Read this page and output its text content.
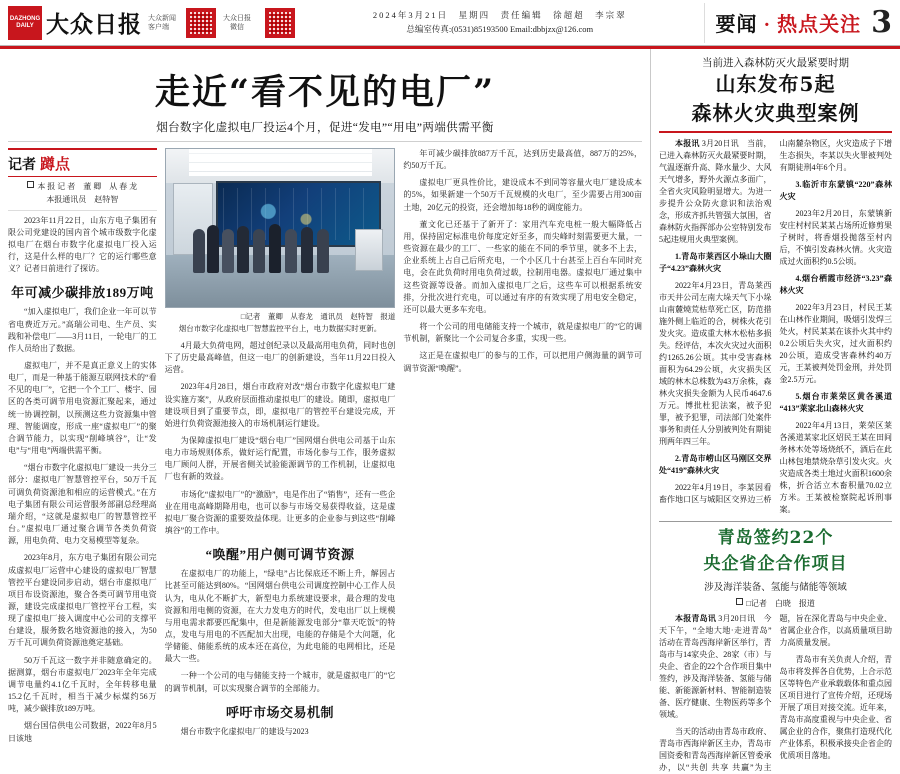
DAZHONG
DAILY 大众日报 大众新闻
客户端
大众日报
微信
2024年3月21日　星期四　责任编辑　徐超超　李宗翠
总编室传真:(0531)85193500 Email:dbbjzx@126.com	要闻 · 热点关注 3
走近“看不见的电厂”
烟台数字化虚拟电厂投运4个月，促进“发电”“用电”两端供需平衡
记者 蹲点
本 报 记 者　董 卿　从 春 龙
本报通讯员　赵特智

2023年11月22日，山东方电子集团有限公司党建设的国内首个城市级数字化虚拟电厂在烟台市数字化虚拟电厂投入运行，这是什么样的电厂？它的运行哪些意义？记者日前进行了探访。

年可减少碳排放189万吨

“加入虚拟电厂，我们企业一年可以节省电费近万元。”高瑞公司电、生产员、实践和补偿电厂——3月11日，一轮电厂的工作人员给出了数据。

虚拟电厂，并不是真正意义上的实体电厂，而是一种基于能源互联网技术的“看不见的电厂”，它把一个个工厂、楼宇、园区的各类可调节用电资源汇聚起来，通过统一协调控制，以预测这些力资源集中管理、智能调度，形成一座“虚拟电厂”的聚合调节能力，以实现“削峰填谷”，让“发电”与“用电”两端供需平衡。

“烟台市数字化虚拟电厂建设一共分三部分：虚拟电厂智慧管控平台，50万千瓦可调负荷资源池和相应的运营模式。”在方电子集团有限公司运营服务部副总经理高瑞介绍，“这就是虚拟电厂的智慧管控平台。”虚拟电厂通过聚合调节各类负荷资源，用电负荷、电力交易模型等复杂。

2023年8月，东方电子集团有限公司完成虚拟电厂运营中心建设的虚拟电厂智慧管控平台建设同步启动，烟台市虚拟电厂项目布设资源池，聚合各类可调节用电资源，建设完成虚拟电厂管控平台工程，实现了虚拟电厂接入调度中心公司的支撑平台建设，服务数名地资源池的接入，为50万千瓦可调负荷资源池奠定基础。

50万千瓦这一数字并非随意确定的。据测算，烟台市虚拟电厂2023年全年完成调节电量约4.1亿千瓦时，全年转移电量15.2亿千瓦时，相当于减少标煤约56万吨，减少碳排放189万吨。

烟台国信供电公司数据，2022年8月5日该地

□记者　董卿　从春龙　通讯员　赵特智　报道
烟台市数字化虚拟电厂智慧监控平台上，电力数据实时更新。

4月最大负荷电网，超过创纪录以及最高用电负荷，同时也创下了历史最高峰值，但这一电厂的创新建设，当年11月22日投入运营。

2023年4月28日，烟台市政府对改“烟台市数字化虚拟电厂建设实施方案”，从政府层面推动虚拟电厂的建设。随即，虚拟电厂建设项目到了重要节点，即，虚拟电厂的管控平台建设完成，开始进行负荷资源池接入的市场机制运行建设。

为保障虚拟电厂建设“烟台电厂”国网烟台供电公司基于山东电力市场规则体系，做好运行配置，市场化参与工作，服务虚拟电厂顾问人群，开展省侧关试验能源调节的工作机制，让虚拟电厂也有新的效益。

市场化“虚拟电厂”的“激励”，电是作出了“销售”，还有一些企业在用电高峰期降用电，也可以参与市场交易获得收益，这是虚拟电厂聚合资源的重要效益体现。让更多的企业参与到这些“削峰填谷”的工作中。

“唤醒”用户侧可调节资源

在虚拟电厂的功能上，“绿电”占比保底还不断上升，解因占比甚至可能达到80%。“国网烟台供电公司调度控制中心工作人员认为，电从化不断扩大，新型电力系统建设要求，最合理的发电资源和用电侧的资源，在大力发电方的时代，发电出厂以上规模与用电需求都要匹配集中，但是新能源发电部分“靠天吃饭”的特点，发电与用电的不匹配加大出现，电能的存储是个大问题，化学储能、储能系统的成本还在高位，为此电能的电网相比，还是最大一些。

一种一个公司的电与储能支持一个城市，就是虚拟电厂的“它的调节机制，可以实现聚合调节的全部能力。

呼吁市场交易机制

烟台市数字化虚拟电厂的建设与2023

年可减少碳排放887万千瓦，达到历史最高值，887万的25%，约50万千瓦。

虚拟电厂更具性价比，建设成本不到同等容量火电厂建设成本的5%，如果新建一个50万千瓦规模的火电厂，至少需要占用300亩土地，20亿元的投资，还会增加每18秒的调度能力。

董文化已还基于了新开了：家用汽车充电桩一般大幅降低占用，保持固定标准电价每度定好至多，而尖峰时刻需要更大量，一些资源在最少的工厂、一些家的能在不同的季节里，就多不上去，企业系统上占自己后所充电，一个小区几十台甚至上百台车同时充电，会在此负荷时用电负荷过载，拉制用电器。虚拟电厂通过集中这些资源等设备。而加入虚拟电厂之后，这些车可以根据系统安排，分批次进行充电，可以通过有序的有效实现了用电安全稳定，还可以最大更多车充电。

将一个公司的用电储能支持一个城市，就是虚拟电厂的“它的调节机制，新聚比一个公司复合多重，实现一些。

这正是在虚拟电厂的参与的工作，可以把用户侧海量的调节可调节资源“唤醒”。

当前进入森林防灭火最紧要时期
山东发布5起
森林火灾典型案例

本报讯 3月20日讯　当前，已进入森林防灭火最紧要时期，气温逐渐升高、降水量少、大风天气增多，野外火源点多面广，全省火灾风险明显增大。为进一步提升公众防火意识和法治观念，形成齐抓共管强大氛围，省森林防火指挥部办公室特别发布5起违规用火典型案例。

1.青岛市莱西区小垛山大圈子“4.23”森林火灾

2022年4月23日，青岛莱西市天井公司左南大垛天气下小垛山南麓燒荒枯草死亡区，防范措施外侧上临近的合，树株火花引发火灾。造成重大林木松枯多损失。经评估，本次火灾过火面积约1265.26公顷。其中受害森林面积为64.29公顷，火灾损失区域的林木总株数为43万余株，森林火灾损失金额为人民币4647.6万元。博批杜犯法案，被予犯罪，被予犯罪，司法部门处案件事务和责任人分别被判处有期徒刑两年四三年。

2.青岛市崂山区马刚区交界处“419”森林火灾

2022年4月19日，李某因看畜作地口区与城阳区交界边三桥山南麓杂物区，火灾造成子下增生态损失，李某以失火罪被判处有期徒刑4年6个月。

3.临沂市东蒙镇“220”森林火灾

2023年2月20日，东蒙镇新安庄村村民某某占场所近修剪果子树时，将香烟投拋落至村内后，不慎引发森林火情。火灾造成过火面积约0.5公顷。

4.烟台栖霞市经济“3.23”森林火灾

2022年3月23日，村民王某在山林作业期间，吸烟引发焊三处火，村民某某在该扑火其中约0.2公顷后失火灾，过火面积约20公顷，造成受害森林约40万元，王某被判处罚金刑，并处罚金2.5万元。

5.烟台市莱荣区黄各溪道“413”莱家北山森林火灾

2022年4月13日，莱荣区莱各溪道某家北区炤民王某在田间务林木处等场烧纸不，酒后在此山林包地禁烧杂草引发火灾。火灾造成各类土地过火面积1600余株，折合活立木畜积量70.02立方米。王某被检察院起诉刑事案。

青岛签约22个
央企省企合作项目
涉及海洋装备、氢能与储能等领域
□记者　白晓　报道

本报青岛讯 3月20日讯　今天下午，“全地大地·走进青岛”活动在青岛西海岸新区举行，青岛市与14家央企、28家（市）与央企、省企的22个合作项目集中签约，涉及海洋装备、氢能与储能、新能源新材料、智能制造装备、医疗健康、生物医药等多个领域。

当天的活动由青岛市政府、青岛市西海岸新区主办，青岛市国资委和青岛西海岸新区管委承办，以“共创 共享 共赢”为主题，旨在深化青岛与中央企业、省属企业合作，以高质量项目助力高质量发展。

青岛市有关负责人介绍，青岛市将发挥各自优势，上合示范区等特色产业承载载体和重点园区项目进行了宣传介绍，还现场开展了项目对接交流。近年来，青岛市高度重视与中央企业、省属企业的合作，聚焦打造现代化产业体系，积极承接央企省企的优质项目落地。
